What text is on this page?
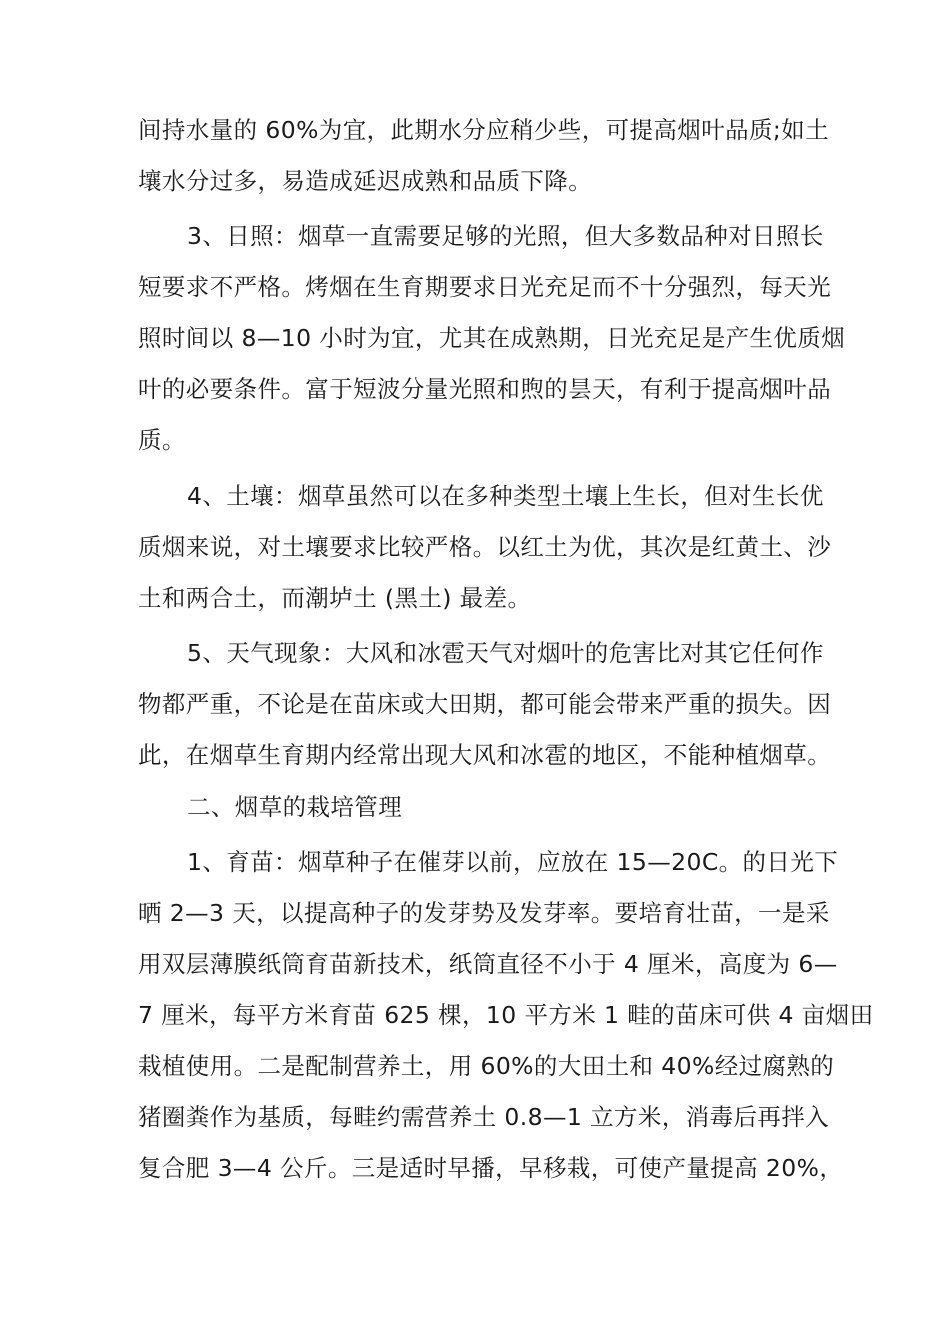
间持水量的 60%为宜，此期水分应稍少些，可提高烟叶品质;如土
壤水分过多，易造成延迟成熟和品质下降。
3、日照：烟草一直需要足够的光照，但大多数品种对日照长
短要求不严格。烤烟在生育期要求日光充足而不十分强烈，每天光
照时间以 8—10 小时为宜，尤其在成熟期，日光充足是产生优质烟
叶的必要条件。富于短波分量光照和煦的昙天，有利于提高烟叶品
质。
4、土壤：烟草虽然可以在多种类型土壤上生长，但对生长优
质烟来说，对土壤要求比较严格。以红土为优，其次是红黄土、沙
土和两合土，而潮垆土 (黑土) 最差。
5、天气现象：大风和冰雹天气对烟叶的危害比对其它任何作
物都严重，不论是在苗床或大田期，都可能会带来严重的损失。因
此，在烟草生育期内经常出现大风和冰雹的地区，不能种植烟草。
二、烟草的栽培管理
1、育苗：烟草种子在催芽以前，应放在 15—20C。的日光下
晒 2—3 天，以提高种子的发芽势及发芽率。要培育壮苗，一是采
用双层薄膜纸筒育苗新技术，纸筒直径不小于 4 厘米，高度为 6—
7 厘米，每平方米育苗 625 棵，10 平方米 1 畦的苗床可供 4 亩烟田
栽植使用。二是配制营养土，用 60%的大田土和 40%经过腐熟的
猪圈粪作为基质，每畦约需营养土 0.8—1 立方米，消毒后再拌入
复合肥 3—4 公斤。三是适时早播，早移栽，可使产量提高 20%，
